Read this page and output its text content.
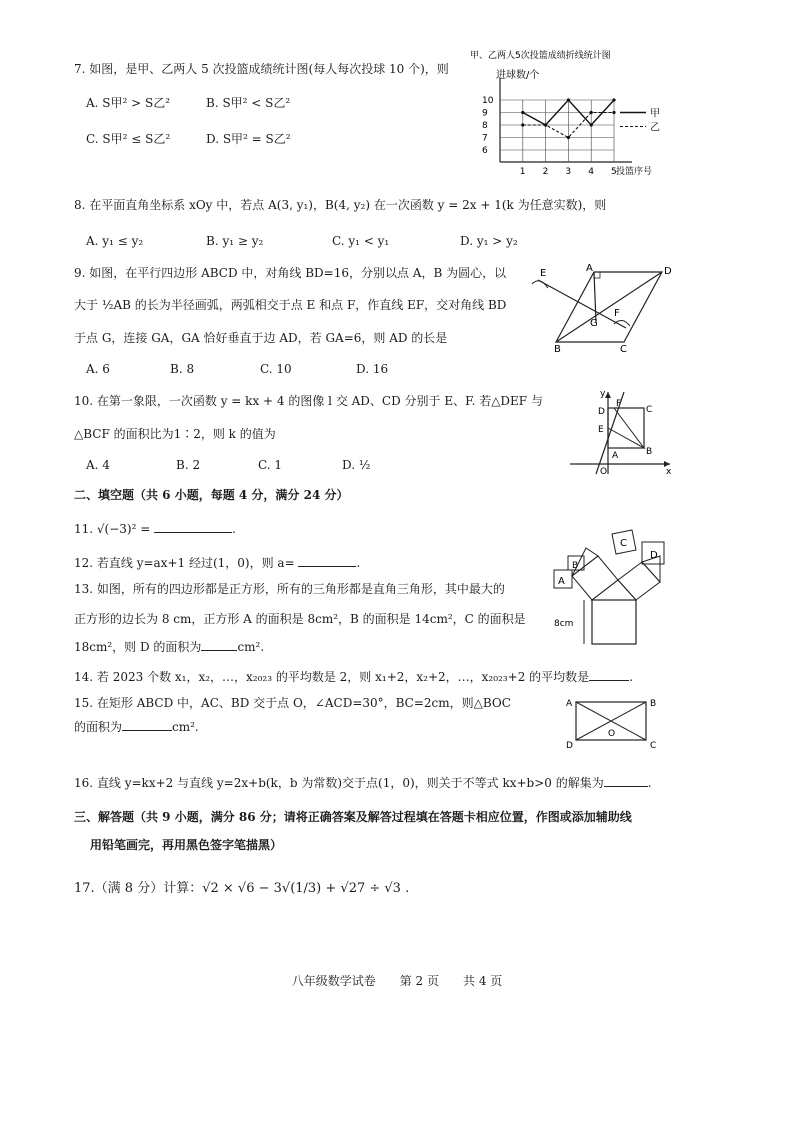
7. 如图，是甲、乙两人 5 次投篮成绩统计图(每人每次投球 10 个)，则
A. S甲² > S乙²	B. S甲² < S乙²
C. S甲² ≤ S乙²	D. S甲² = S乙²
甲、乙两人5次投篮成绩折线统计图
进球数/个
6
7
8
9
10
1 2 3 4 5 投篮序号
甲
乙
8. 在平面直角坐标系 xOy 中，若点 A(3, y₁)，B(4, y₂) 在一次函数 y = 2x + 1(k 为任意实数)，则
A. y₁ ≤ y₂	B. y₁ ≥ y₂	C. y₁ < y₁	D. y₁ > y₂
9. 如图，在平行四边形 ABCD 中，对角线 BD=16，分别以点 A，B 为圆心，以
大于 ½AB 的长为半径画弧，两弧相交于点 E 和点 F，作直线 EF，交对角线 BD
于点 G，连接 GA，GA 恰好垂直于边 AD，若 GA=6，则 AD 的长是
A. 6	B. 8	C. 10	D. 16
A	D
B	C
E
F
G
10. 在第一象限，一次函数 y = kx + 4 的图像 l 交 AD、CD 分别于 E、F. 若△DEF 与
△BCF 的面积比为1∶2，则 k 的值为
A. 4	B. 2	C. 1	D. ½
y
x
O
D
F
C
E
A	B
二、填空题（共 6 小题，每题 4 分，满分 24 分）
11. √(−3)² =	.
12. 若直线 y=ax+1 经过(1，0)，则 a=	.
13. 如图，所有的四边形都是正方形，所有的三角形都是直角三角形，其中最大的
正方形的边长为 8 cm，正方形 A 的面积是 8cm²，B 的面积是 14cm²，C 的面积是
18cm²，则 D 的面积为	cm².
A
B
C
D
8cm
14. 若 2023 个数 x₁，x₂，…，x₂₀₂₃ 的平均数是 2，则 x₁+2，x₂+2，…，x₂₀₂₃+2 的平均数是	.
15. 在矩形 ABCD 中，AC、BD 交于点 O，∠ACD=30°，BC=2cm，则△BOC
的面积为	cm².
A	B
C
D
O
16. 直线 y=kx+2 与直线 y=2x+b(k，b 为常数)交于点(1，0)，则关于不等式 kx+b>0 的解集为	.
三、解答题（共 9 小题，满分 86 分；请将正确答案及解答过程填在答题卡相应位置，作图或添加辅助线
用铅笔画完，再用黑色签字笔描黑）
17.（满 8 分）计算：√2 × √6 − 3√(1/3) + √27 ÷ √3 .
八年级数学试卷　　第 2 页　　共 4 页
